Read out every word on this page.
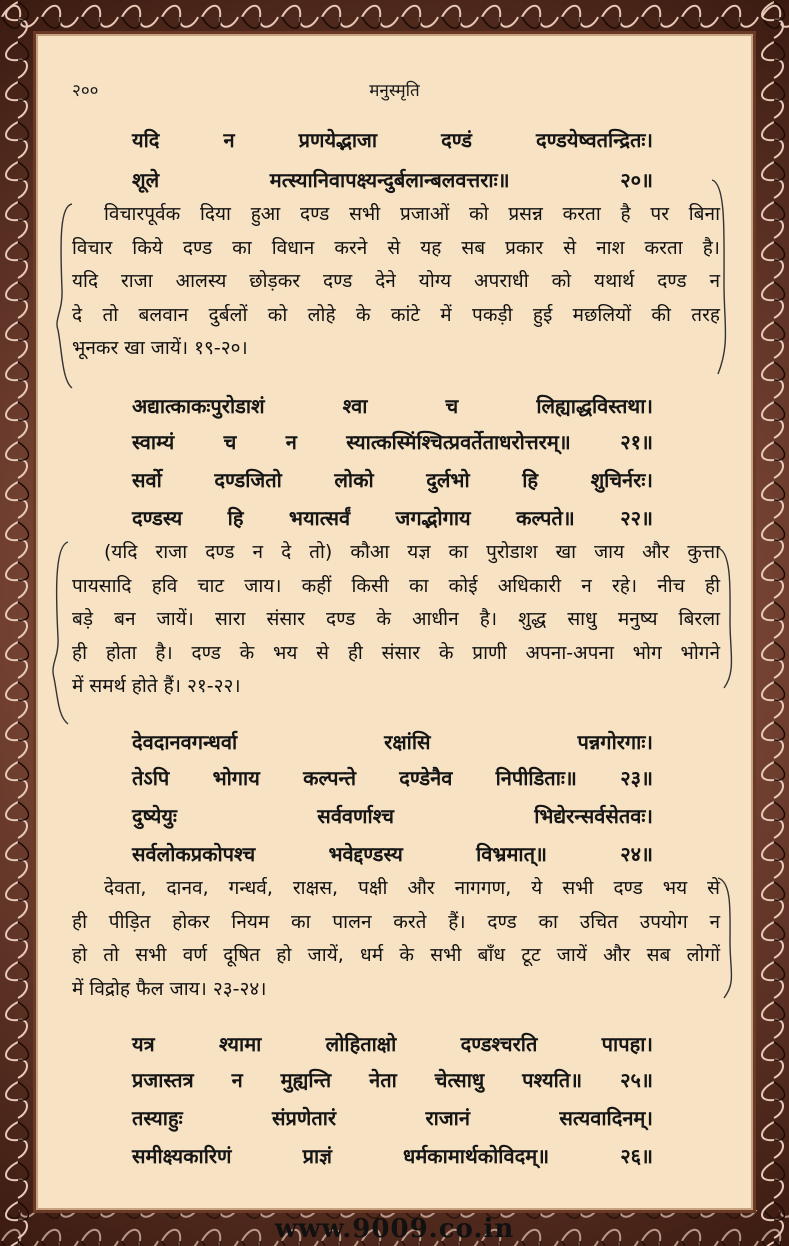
२००	मनुस्मृति
यदि	न	प्रणयेद्भाजा	दण्डं	दण्डयेष्वतन्द्रितः।
शूले	मत्स्यानिवापक्ष्यन्दुर्बलान्बलवत्तराः॥	२०॥
विचारपूर्वक दिया हुआ दण्ड सभी प्रजाओं को प्रसन्न करता है पर बिना
विचार किये दण्ड का विधान करने से यह सब प्रकार से नाश करता है।
यदि राजा आलस्य छोड़कर दण्ड देने योग्य अपराधी को यथार्थ दण्ड न
दे तो बलवान दुर्बलों को लोहे के कांटे में पकड़ी हुई मछलियों की तरह
भूनकर खा जायें। १९-२०।
अद्यात्काकःपुरोडाशं	श्वा	च	लिह्याद्धविस्तथा।
स्वाम्यं च न स्यात्कस्मिंश्चित्प्रवर्तेताधरोत्तरम्॥ २१॥
सर्वो	दण्डजितो	लोको	दुर्लभो	हि	शुचिर्नरः।
दण्डस्य हि भयात्सर्वं जगद्भोगाय कल्पते॥ २२॥
(यदि राजा दण्ड न दे तो) कौआ यज्ञ का पुरोडाश खा जाय और कुत्ता
पायसादि हवि चाट जाय। कहीं किसी का कोई अधिकारी न रहे। नीच ही
बड़े बन जायें। सारा संसार दण्ड के आधीन है। शुद्ध साधु मनुष्य बिरला
ही होता है। दण्ड के भय से ही संसार के प्राणी अपना-अपना भोग भोगने
में समर्थ होते हैं। २१-२२।
देवदानवगन्धर्वा	रक्षांसि	पन्नगोरगाः।
तेऽपि भोगाय कल्पन्ते दण्डेनैव निपीडिताः॥ २३॥
दुष्येयुः	सर्ववर्णाश्च	भिद्येरन्सर्वसेतवः।
सर्वलोकप्रकोपश्च	भवेद्दण्डस्य	विभ्रमात्॥	२४॥
देवता, दानव, गन्धर्व, राक्षस, पक्षी और नागगण, ये सभी दण्ड भय से
ही पीड़ित होकर नियम का पालन करते हैं। दण्ड का उचित उपयोग न
हो तो सभी वर्ण दूषित हो जायें, धर्म के सभी बाँध टूट जायें और सब लोगों
में विद्रोह फैल जाय। २३-२४।
यत्र	श्यामा	लोहिताक्षो	दण्डश्चरति	पापहा।
प्रजास्तत्र न मुह्यन्ति नेता चेत्साधु पश्यति॥ २५॥
तस्याहुः	संप्रणेतारं	राजानं	सत्यवादिनम्।
समीक्ष्यकारिणं	प्राज्ञं	धर्मकामार्थकोविदम्॥	२६॥
www.9009.co.in
